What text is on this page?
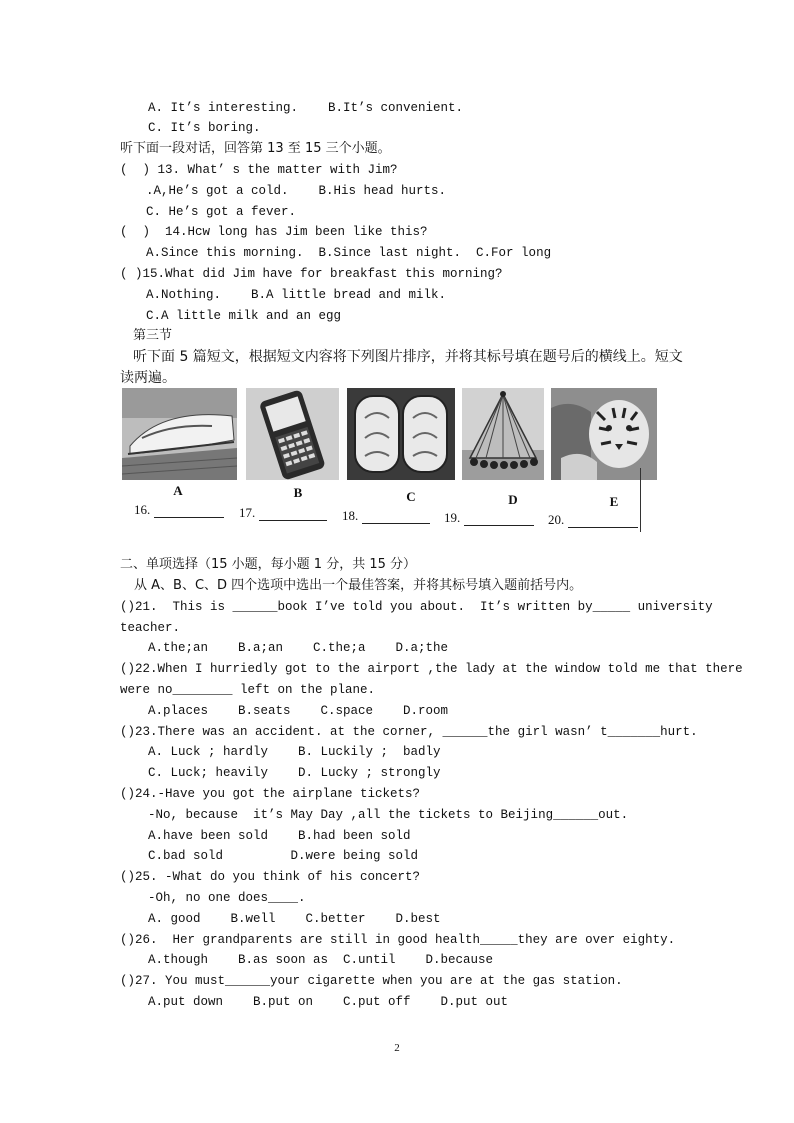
A. It’s interesting.    B.It’s convenient.
C. It’s boring.
听下面一段对话，回答第 13 至 15 三个小题。
(  ) 13. What’ s the matter with Jim?
.A,He’s got a cold.    B.His head hurts.
C. He’s got a fever.
(  )  14.Hcw long has Jim been like this?
A.Since this morning.  B.Since last night.  C.For long
( )15.What did Jim have for breakfast this morning?
A.Nothing.    B.A little bread and milk.
C.A little milk and an egg
第三节
听下面 5 篇短文，根据短文内容将下列图片排序，并将其标号填在题号后的横线上。短文
读两遍。
A	B	C	D	E
16.	17.	18.	19.	20.
二、单项选择（15 小题，每小题 1 分，共 15 分）
从 A、B、C、D 四个选项中选出一个最佳答案，并将其标号填入题前括号内。
()21.  This is ______book I’ve told you about.  It’s written by_____ university
teacher.
A.the;an    B.a;an    C.the;a    D.a;the
()22.When I hurriedly got to the airport ,the lady at the window told me that there
were no________ left on the plane.
A.places    B.seats    C.space    D.room
()23.There was an accident. at the corner, ______the girl wasn’ t_______hurt.
A. Luck ; hardly    B. Luckily ;  badly
C. Luck; heavily    D. Lucky ; strongly
()24.-Have you got the airplane tickets?
-No, because  it’s May Day ,all the tickets to Beijing______out.
A.have been sold    B.had been sold
C.bad sold         D.were being sold
()25. -What do you think of his concert?
-Oh, no one does____.
A. good    B.well    C.better    D.best
()26.  Her grandparents are still in good health_____they are over eighty.
A.though    B.as soon as  C.until    D.because
()27. You must______your cigarette when you are at the gas station.
A.put down    B.put on    C.put off    D.put out
2
